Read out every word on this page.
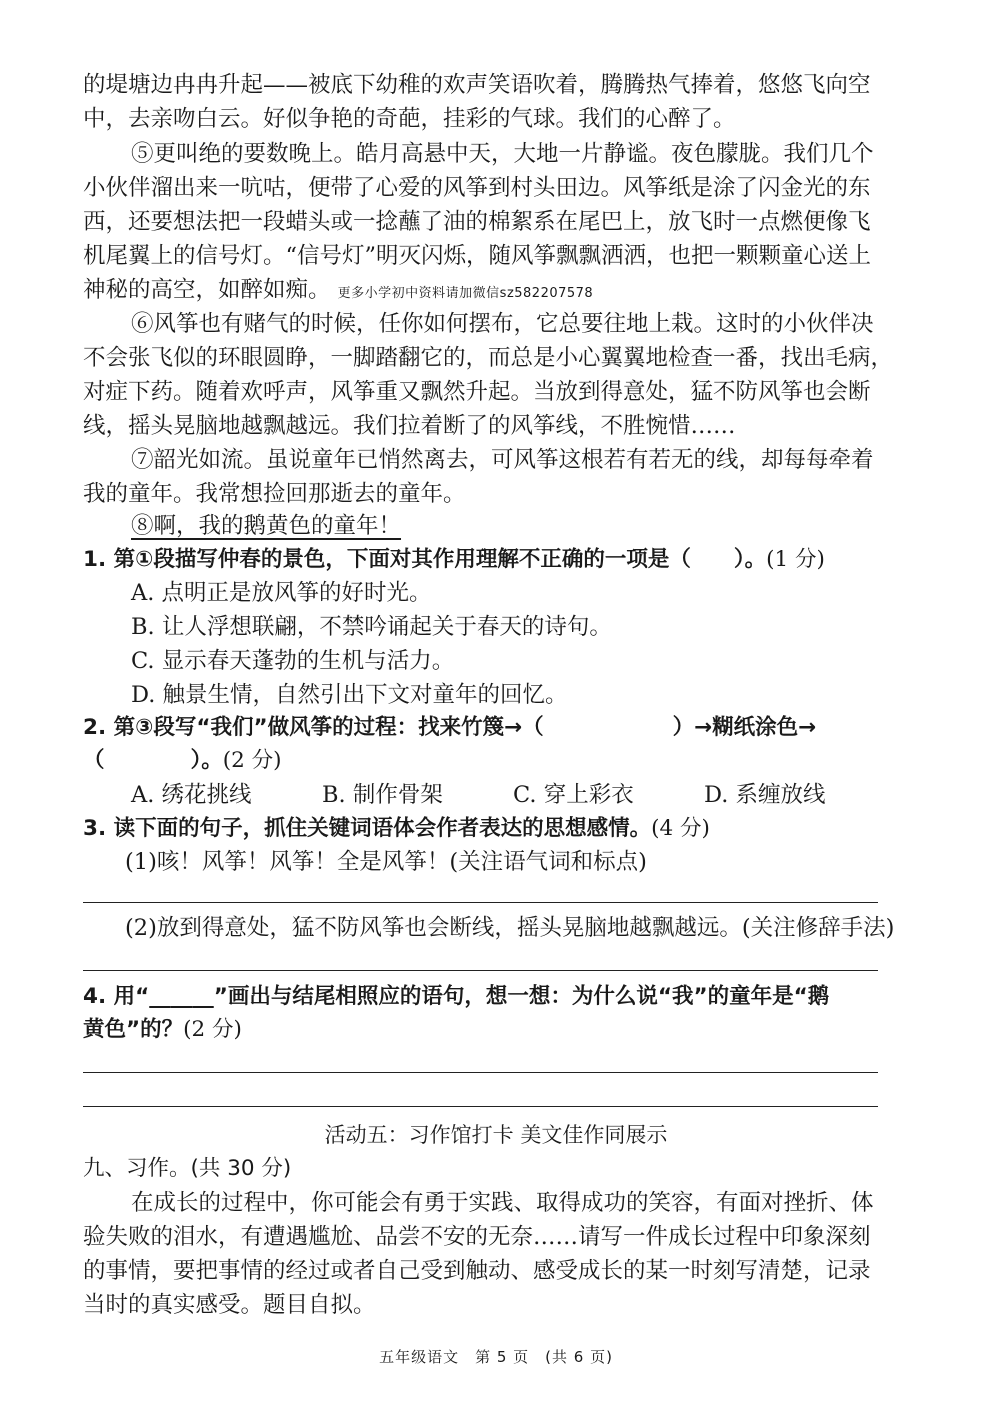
的堤塘边冉冉升起——被底下幼稚的欢声笑语吹着，腾腾热气捧着，悠悠飞向空
中，去亲吻白云。好似争艳的奇葩，挂彩的气球。我们的心醉了。
⑤更叫绝的要数晚上。皓月高悬中天，大地一片静谧。夜色朦胧。我们几个
小伙伴溜出来一吭咕，便带了心爱的风筝到村头田边。风筝纸是涂了闪金光的东
西，还要想法把一段蜡头或一捻蘸了油的棉絮系在尾巴上，放飞时一点燃便像飞
机尾翼上的信号灯。“信号灯”明灭闪烁，随风筝飘飘洒洒，也把一颗颗童心送上
神秘的高空，如醉如痴。 更多小学初中资料请加微信sz582207578
⑥风筝也有赌气的时候，任你如何摆布，它总要往地上栽。这时的小伙伴决
不会张飞似的环眼圆睁，一脚踏翻它的，而总是小心翼翼地检查一番，找出毛病，
对症下药。随着欢呼声，风筝重又飘然升起。当放到得意处，猛不防风筝也会断
线，摇头晃脑地越飘越远。我们拉着断了的风筝线，不胜惋惜……
⑦韶光如流。虽说童年已悄然离去，可风筝这根若有若无的线，却每每牵着
我的童年。我常想捡回那逝去的童年。
⑧啊，我的鹅黄色的童年！
1. 第①段描写仲春的景色，下面对其作用理解不正确的一项是（　　）。(1 分)
A. 点明正是放风筝的好时光。
B. 让人浮想联翩，不禁吟诵起关于春天的诗句。
C. 显示春天蓬勃的生机与活力。
D. 触景生情，自然引出下文对童年的回忆。
2. 第③段写“我们”做风筝的过程：找来竹篾→（　　　　　　）→糊纸涂色→
（　　　　）。(2 分)
A. 绣花挑线	B. 制作骨架	C. 穿上彩衣	D. 系缠放线
3. 读下面的句子，抓住关键词语体会作者表达的思想感情。(4 分)
(1)咳！风筝！风筝！全是风筝！(关注语气词和标点)
(2)放到得意处，猛不防风筝也会断线，摇头晃脑地越飘越远。(关注修辞手法)
4. 用“______”画出与结尾相照应的语句，想一想：为什么说“我”的童年是“鹅
黄色”的？(2 分)
活动五：习作馆打卡 美文佳作同展示
九、习作。(共 30 分)
在成长的过程中，你可能会有勇于实践、取得成功的笑容，有面对挫折、体
验失败的泪水，有遭遇尴尬、品尝不安的无奈……请写一件成长过程中印象深刻
的事情，要把事情的经过或者自己受到触动、感受成长的某一时刻写清楚，记录
当时的真实感受。题目自拟。
五年级语文　第 5 页　(共 6 页)
